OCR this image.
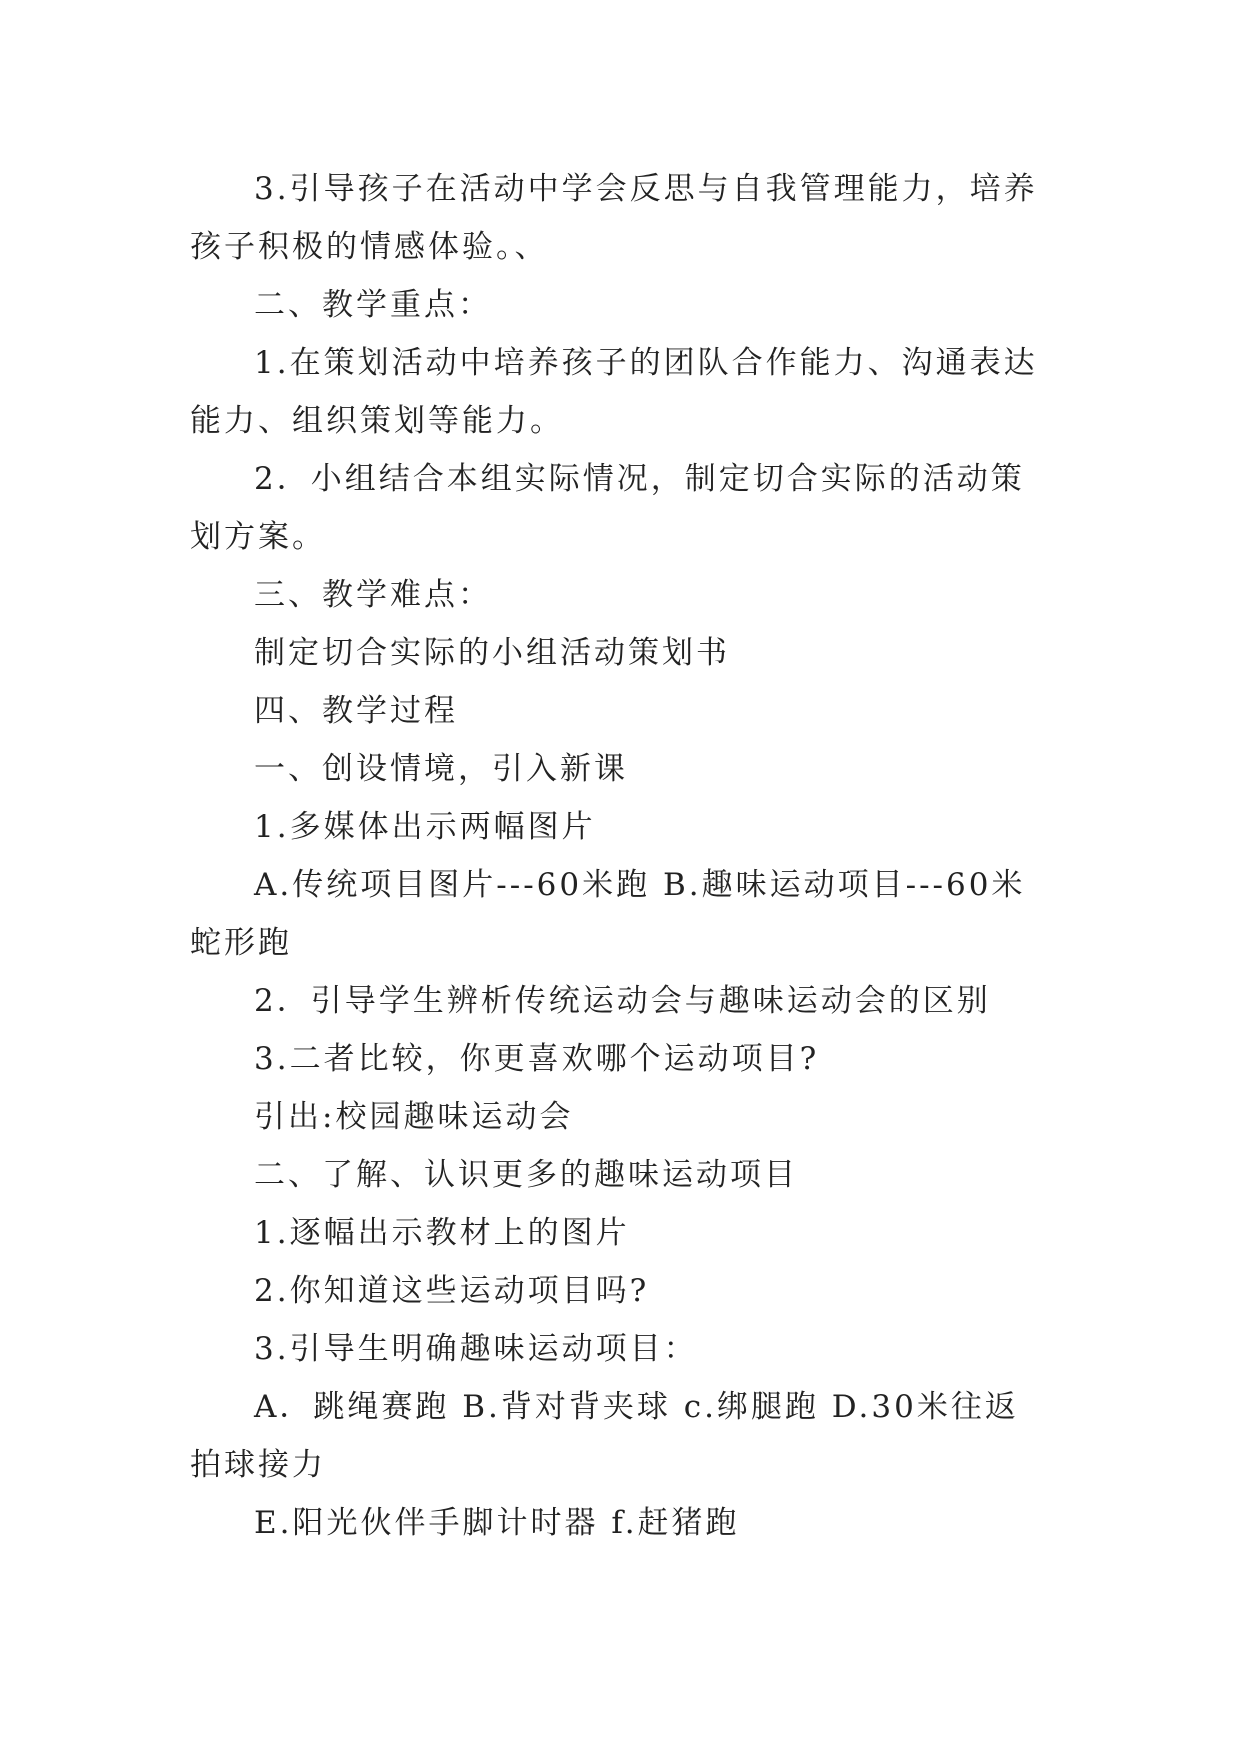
3.引导孩子在活动中学会反思与自我管理能力，培养孩子积极的情感体验。、

二、教学重点：

1.在策划活动中培养孩子的团队合作能力、沟通表达能力、组织策划等能力。

2．小组结合本组实际情况，制定切合实际的活动策划方案。

三、教学难点：

制定切合实际的小组活动策划书

四、教学过程

一、创设情境，引入新课

1.多媒体出示两幅图片

A.传统项目图片---60米跑 B.趣味运动项目---60米蛇形跑

2．引导学生辨析传统运动会与趣味运动会的区别

3.二者比较，你更喜欢哪个运动项目?

引出:校园趣味运动会

二、了解、认识更多的趣味运动项目

1.逐幅出示教材上的图片

2.你知道这些运动项目吗?

3.引导生明确趣味运动项目：

A．跳绳赛跑 B.背对背夹球 c.绑腿跑 D.30米往返拍球接力

E.阳光伙伴手脚计时器 f.赶猪跑
